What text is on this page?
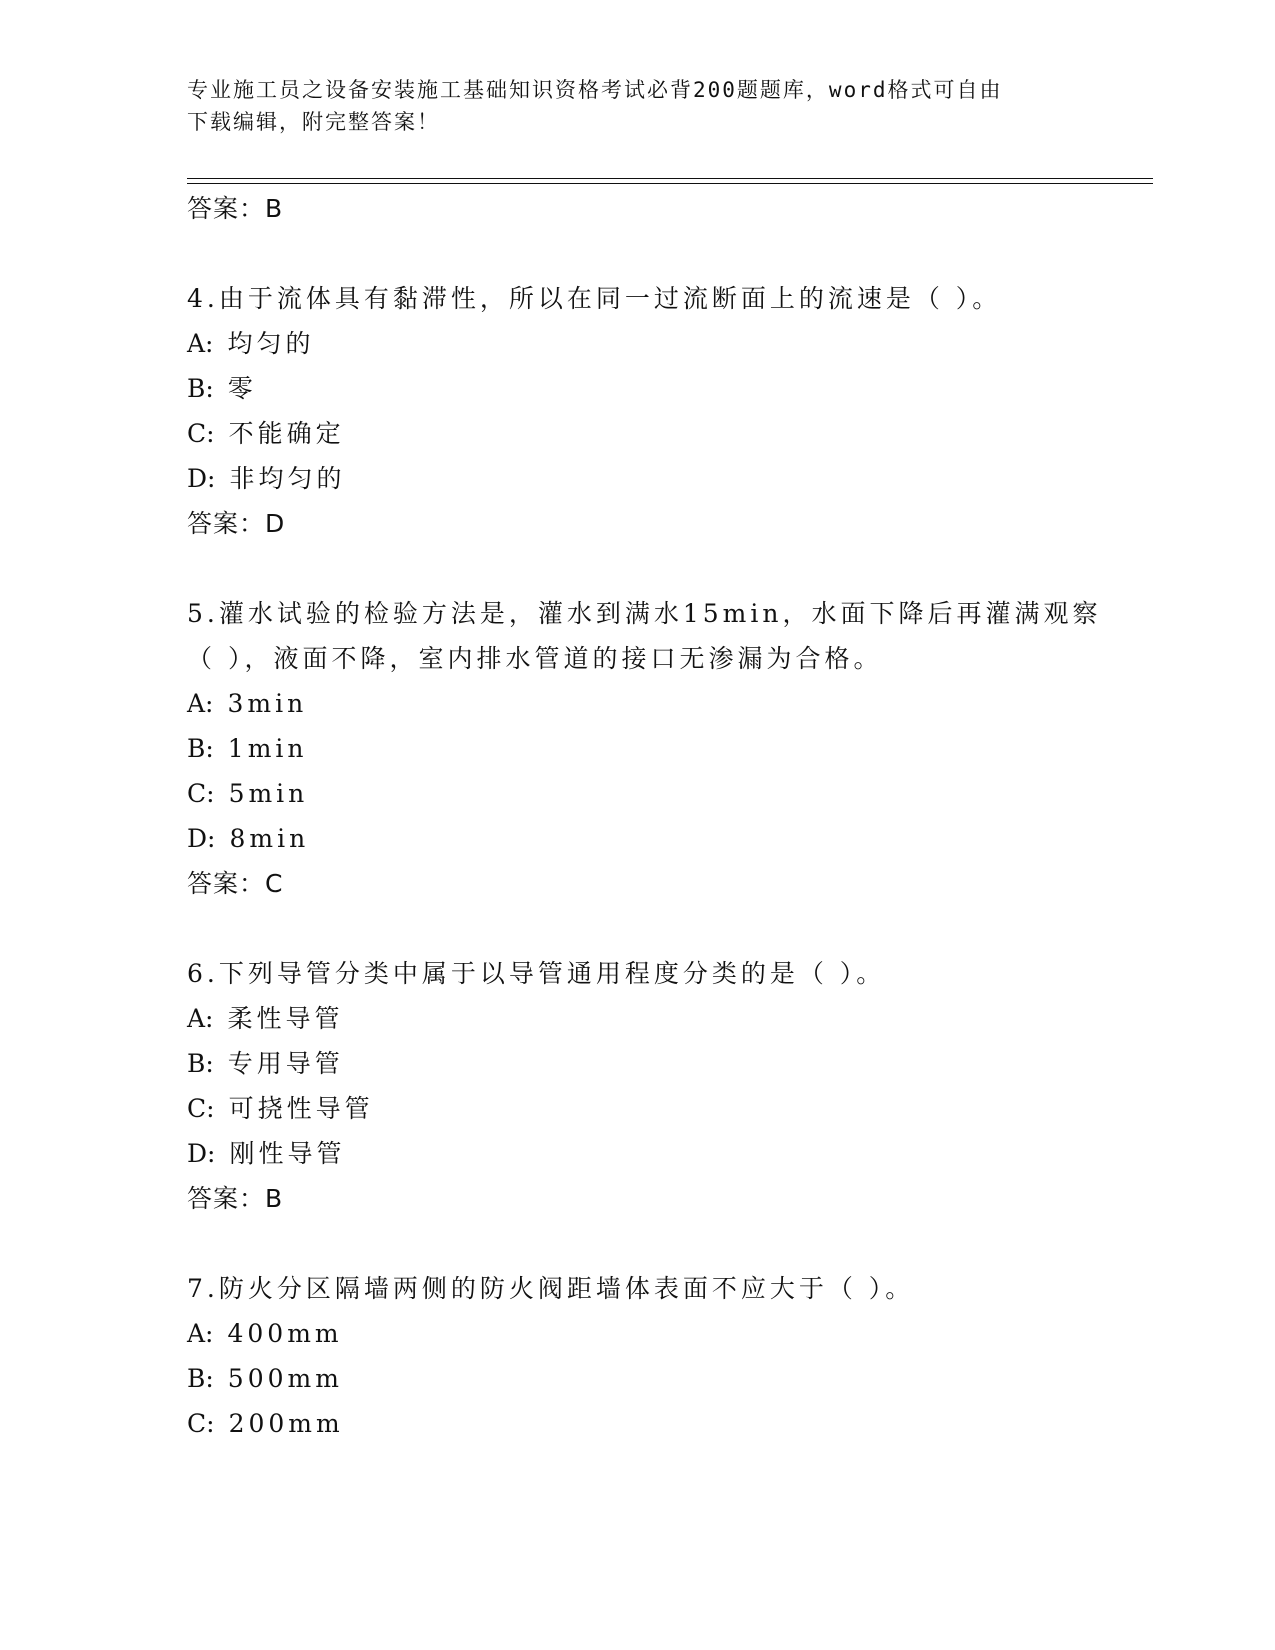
专业施工员之设备安装施工基础知识资格考试必背200题题库，word格式可自由
下载编辑，附完整答案！
答案：B
4.由于流体具有黏滞性，所以在同一过流断面上的流速是（ ）。
A: 均匀的
B: 零
C: 不能确定
D: 非均匀的
答案：D
5.灌水试验的检验方法是，灌水到满水15min，水面下降后再灌满观察
（ ），液面不降，室内排水管道的接口无渗漏为合格。
A: 3min
B: 1min
C: 5min
D: 8min
答案：C
6.下列导管分类中属于以导管通用程度分类的是（ ）。
A: 柔性导管
B: 专用导管
C: 可挠性导管
D: 刚性导管
答案：B
7.防火分区隔墙两侧的防火阀距墙体表面不应大于（ ）。
A: 400mm
B: 500mm
C: 200mm
